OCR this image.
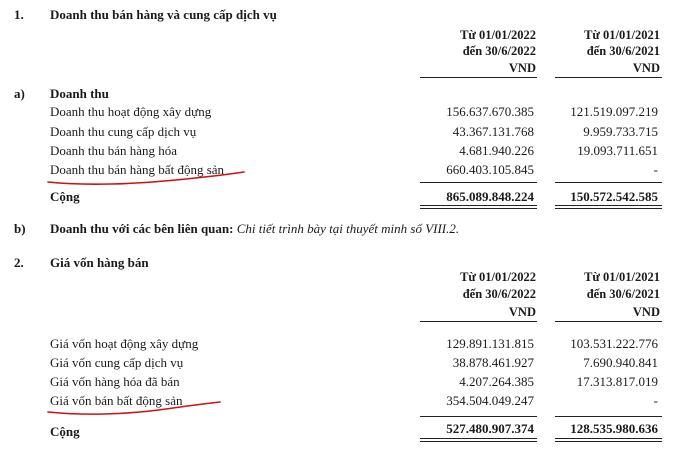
1. Doanh thu bán hàng và cung cấp dịch vụ
Từ 01/01/2022
đến 30/6/2022
VND
Từ 01/01/2021
đến 30/6/2021
VND
a) Doanh thu
Doanh thu hoạt động xây dựng	156.637.670.385	121.519.097.219
Doanh thu cung cấp dịch vụ	43.367.131.768	9.959.733.715
Doanh thu bán hàng hóa	4.681.940.226	19.093.711.651
Doanh thu bán hàng bất động sản	660.403.105.845	-
Cộng	865.089.848.224	150.572.542.585
b) Doanh thu với các bên liên quan: Chi tiết trình bày tại thuyết minh số VIII.2.
2. Giá vốn hàng bán
Từ 01/01/2022
đến 30/6/2022
VND
Từ 01/01/2021
đến 30/6/2021
VND
Giá vốn hoạt động xây dựng	129.891.131.815	103.531.222.776
Giá vốn cung cấp dịch vụ	38.878.461.927	7.690.940.841
Giá vốn hàng hóa đã bán	4.207.264.385	17.313.817.019
Giá vốn bán bất động sản	354.504.049.247	-
Cộng	527.480.907.374	128.535.980.636
